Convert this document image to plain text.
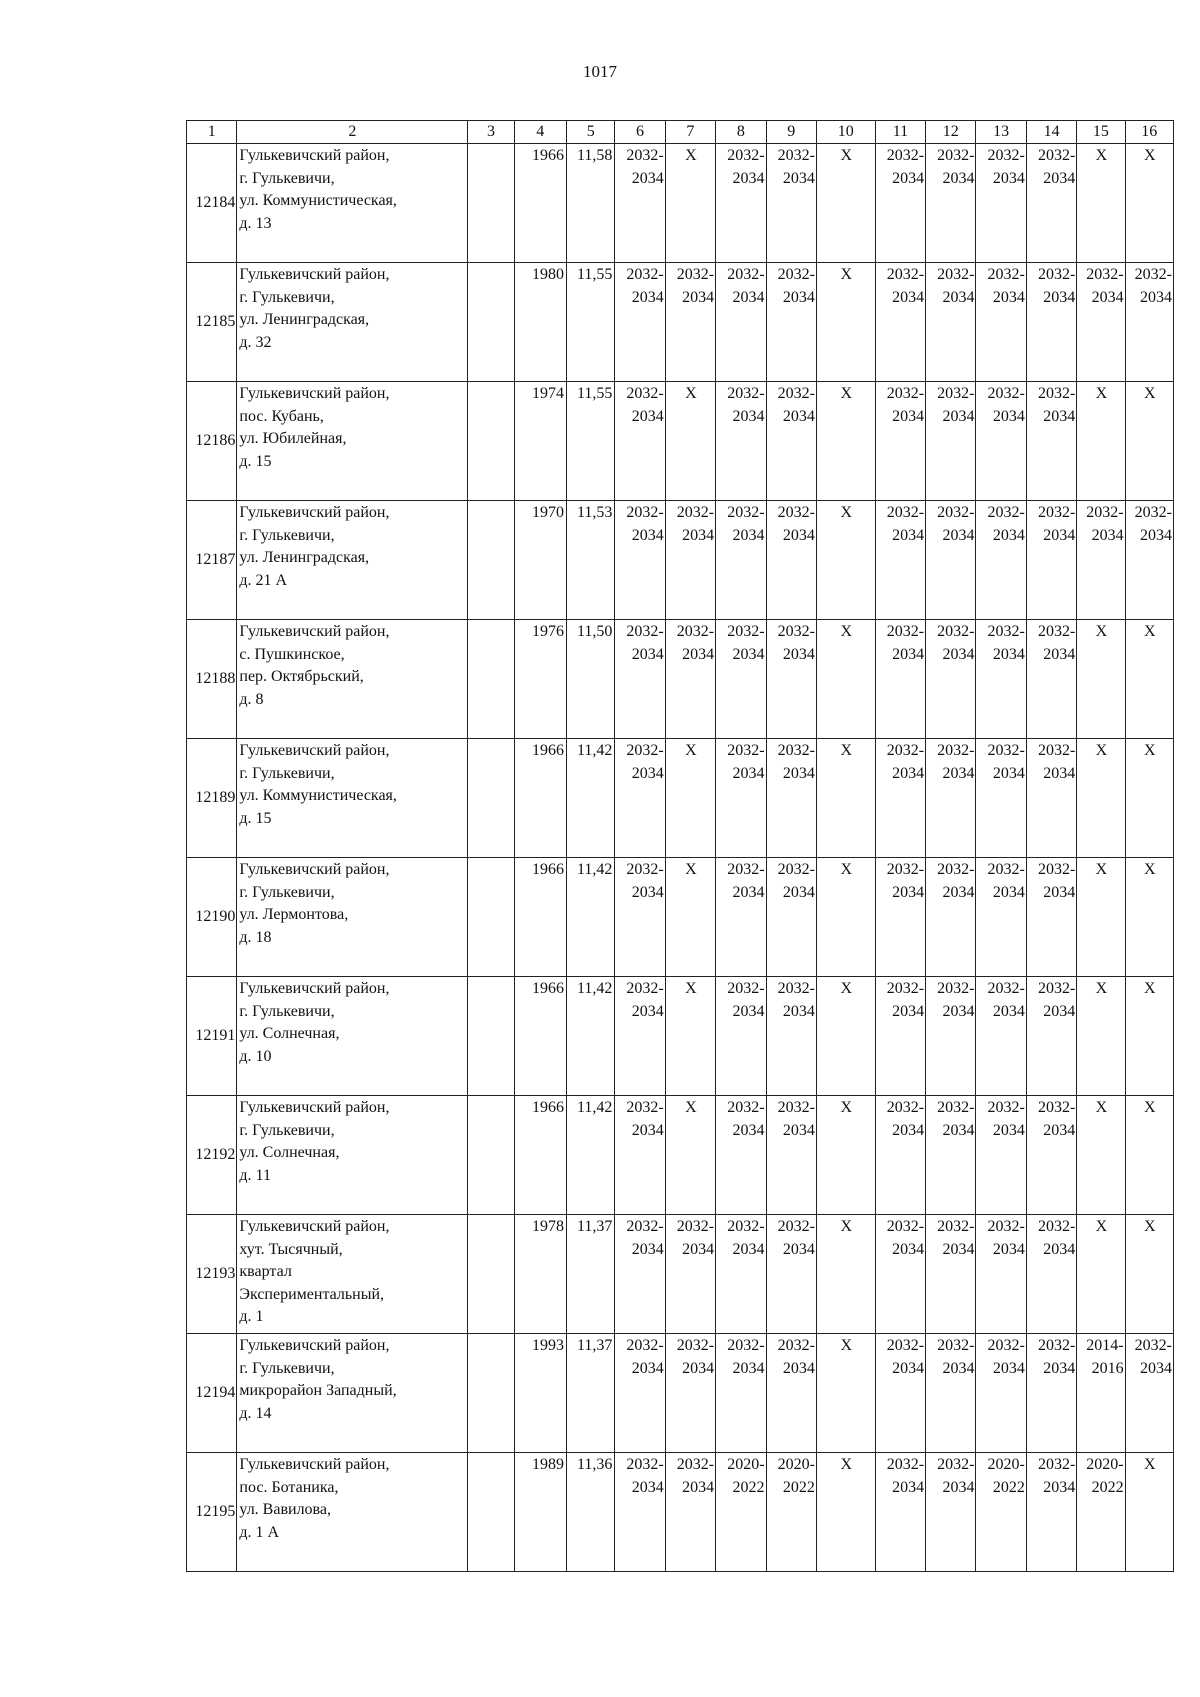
1017
1	2	3	4	5	6	7	8	9	10	11	12	13	14	15	16
12184	Гулькевичский район,
г. Гулькевичи,
ул. Коммунистическая,
д. 13		1966	11,58	2032-
2034	Х	2032-
2034	2032-
2034	Х	2032-
2034	2032-
2034	2032-
2034	2032-
2034	Х	Х
12185	Гулькевичский район,
г. Гулькевичи,
ул. Ленинградская,
д. 32		1980	11,55	2032-
2034	2032-
2034	2032-
2034	2032-
2034	Х	2032-
2034	2032-
2034	2032-
2034	2032-
2034	2032-
2034	2032-
2034
12186	Гулькевичский район,
пос. Кубань,
ул. Юбилейная,
д. 15		1974	11,55	2032-
2034	Х	2032-
2034	2032-
2034	Х	2032-
2034	2032-
2034	2032-
2034	2032-
2034	Х	Х
12187	Гулькевичский район,
г. Гулькевичи,
ул. Ленинградская,
д. 21 А		1970	11,53	2032-
2034	2032-
2034	2032-
2034	2032-
2034	Х	2032-
2034	2032-
2034	2032-
2034	2032-
2034	2032-
2034	2032-
2034
12188	Гулькевичский район,
с. Пушкинское,
пер. Октябрьский,
д. 8		1976	11,50	2032-
2034	2032-
2034	2032-
2034	2032-
2034	Х	2032-
2034	2032-
2034	2032-
2034	2032-
2034	Х	Х
12189	Гулькевичский район,
г. Гулькевичи,
ул. Коммунистическая,
д. 15		1966	11,42	2032-
2034	Х	2032-
2034	2032-
2034	Х	2032-
2034	2032-
2034	2032-
2034	2032-
2034	Х	Х
12190	Гулькевичский район,
г. Гулькевичи,
ул. Лермонтова,
д. 18		1966	11,42	2032-
2034	Х	2032-
2034	2032-
2034	Х	2032-
2034	2032-
2034	2032-
2034	2032-
2034	Х	Х
12191	Гулькевичский район,
г. Гулькевичи,
ул. Солнечная,
д. 10		1966	11,42	2032-
2034	Х	2032-
2034	2032-
2034	Х	2032-
2034	2032-
2034	2032-
2034	2032-
2034	Х	Х
12192	Гулькевичский район,
г. Гулькевичи,
ул. Солнечная,
д. 11		1966	11,42	2032-
2034	Х	2032-
2034	2032-
2034	Х	2032-
2034	2032-
2034	2032-
2034	2032-
2034	Х	Х
12193	Гулькевичский район,
хут. Тысячный,
квартал
Экспериментальный,
д. 1		1978	11,37	2032-
2034	2032-
2034	2032-
2034	2032-
2034	Х	2032-
2034	2032-
2034	2032-
2034	2032-
2034	Х	Х
12194	Гулькевичский район,
г. Гулькевичи,
микрорайон Западный,
д. 14		1993	11,37	2032-
2034	2032-
2034	2032-
2034	2032-
2034	Х	2032-
2034	2032-
2034	2032-
2034	2032-
2034	2014-
2016	2032-
2034
12195	Гулькевичский район,
пос. Ботаника,
ул. Вавилова,
д. 1 А		1989	11,36	2032-
2034	2032-
2034	2020-
2022	2020-
2022	Х	2032-
2034	2032-
2034	2020-
2022	2032-
2034	2020-
2022	Х
